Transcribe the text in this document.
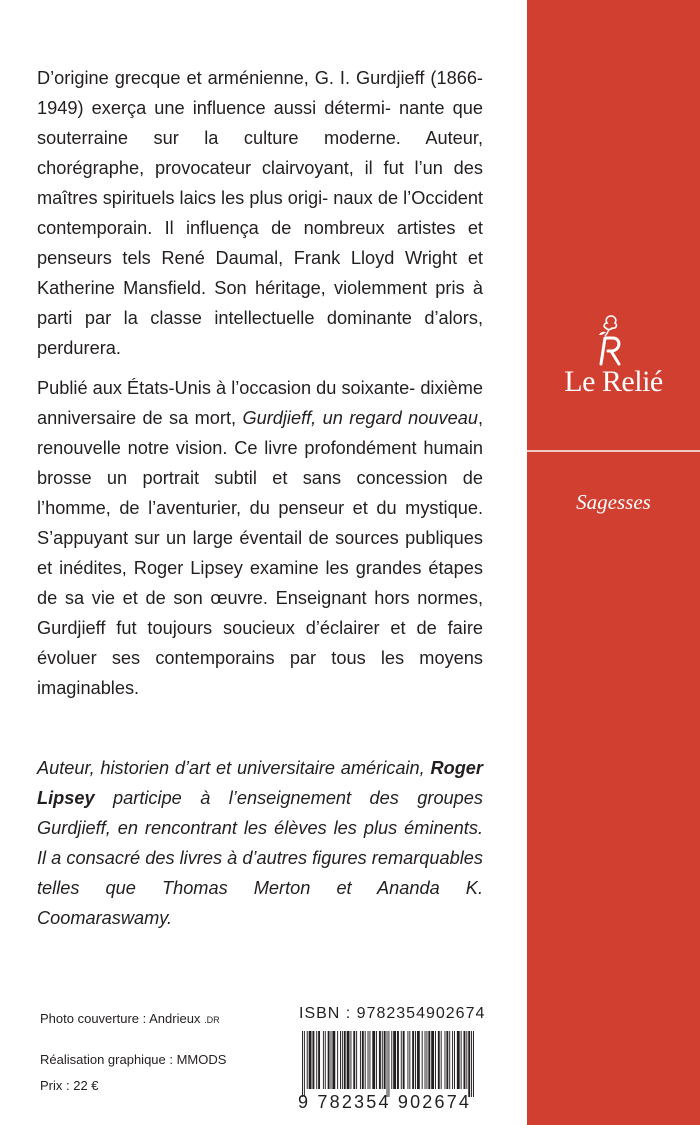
D’origine grecque et arménienne, G. I. Gurdjieff (1866-1949) exerça une influence aussi détermi- nante que souterraine sur la culture moderne. Auteur, chorégraphe, provocateur clairvoyant, il fut l’un des maîtres spirituels laics les plus origi- naux de l’Occident contemporain. Il influença de nombreux artistes et penseurs tels René Daumal, Frank Lloyd Wright et Katherine Mansfield. Son héritage, violemment pris à parti par la classe intellectuelle dominante d’alors, perdurera.

Publié aux États-Unis à l’occasion du soixante- dixième anniversaire de sa mort, Gurdjieff, un regard nouveau, renouvelle notre vision. Ce livre profondément humain brosse un portrait subtil et sans concession de l’homme, de l’aventurier, du penseur et du mystique. S’appuyant sur un large éventail de sources publiques et inédites, Roger Lipsey examine les grandes étapes de sa vie et de son œuvre. Enseignant hors normes, Gurdjieff fut toujours soucieux d’éclairer et de faire évoluer ses contemporains par tous les moyens imaginables.

Auteur, historien d’art et universitaire américain, Roger Lipsey participe à l’enseignement des groupes Gurdjieff, en rencontrant les élèves les plus éminents. Il a consacré des livres à d’autres figures remarquables telles que Thomas Merton et Ananda K. Coomaraswamy.

Photo couverture : Andrieux .DR
Réalisation graphique : MMODS
Prix : 22 €
ISBN : 9782354902674
9 782354 902674
Le Relié
Sagesses
